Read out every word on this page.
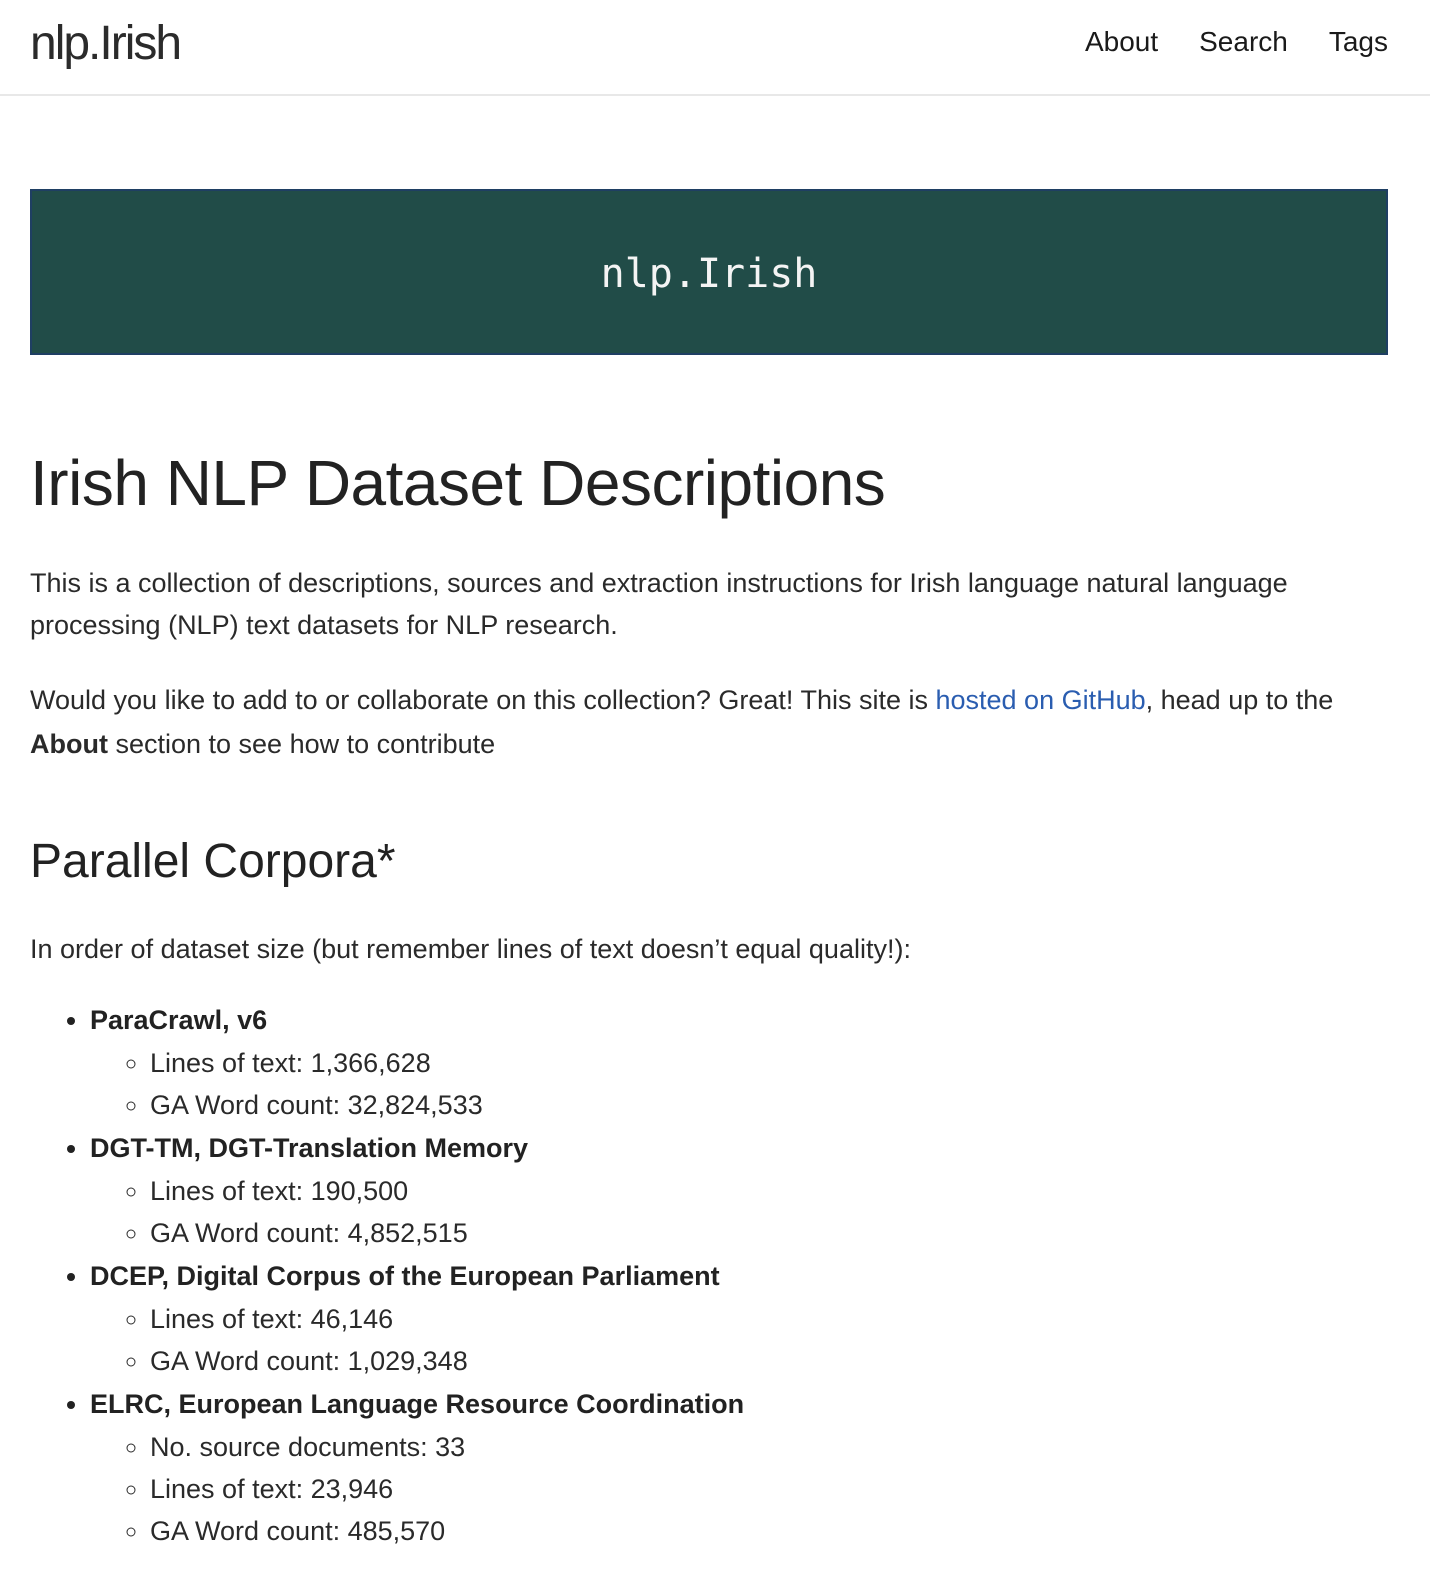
nlp.Irish	About Search Tags
nlp.Irish
Irish NLP Dataset Descriptions

This is a collection of descriptions, sources and extraction instructions for Irish language natural language processing (NLP) text datasets for NLP research.

Would you like to add to or collaborate on this collection? Great! This site is hosted on GitHub, head up to the About section to see how to contribute

Parallel Corpora*

In order of dataset size (but remember lines of text doesn’t equal quality!):

• ParaCrawl, v6
◦ Lines of text: 1,366,628
◦ GA Word count: 32,824,533
• DGT-TM, DGT-Translation Memory
◦ Lines of text: 190,500
◦ GA Word count: 4,852,515
• DCEP, Digital Corpus of the European Parliament
◦ Lines of text: 46,146
◦ GA Word count: 1,029,348
• ELRC, European Language Resource Coordination
◦ No. source documents: 33
◦ Lines of text: 23,946
◦ GA Word count: 485,570
